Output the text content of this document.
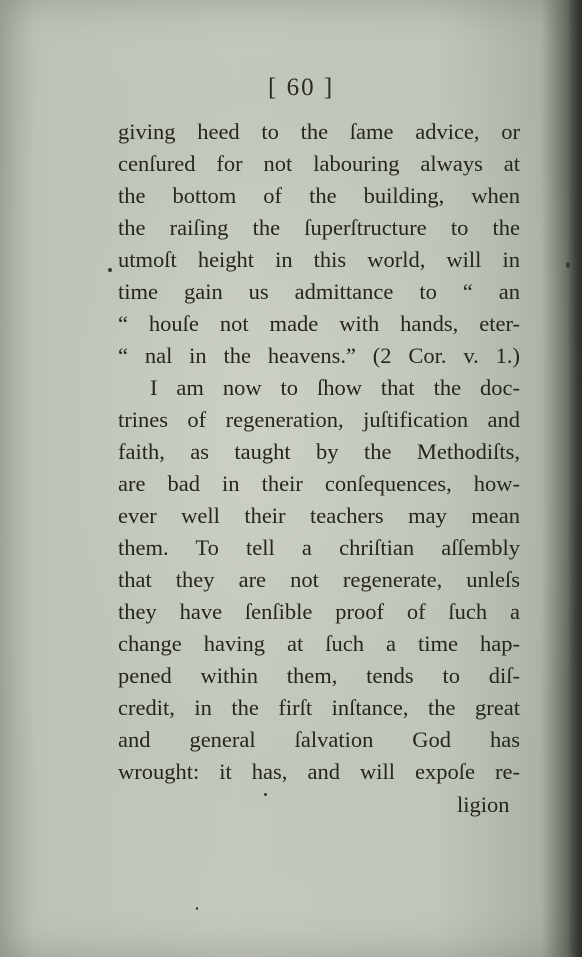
[ 60 ]
giving heed to the ſame advice, or
cenſured for not labouring always at
the bottom of the building, when
the raiſing the ſuperſtructure to the
utmoſt height in this world, will in
time gain us admittance to “ an
“ houſe not made with hands, eter-
“ nal in the heavens.” (2 Cor. v. 1.)
I am now to ſhow that the doc-
trines of regeneration, juſtification and
faith, as taught by the Methodiſts,
are bad in their conſequences, how-
ever well their teachers may mean
them. To tell a chriſtian aſſembly
that they are not regenerate, unleſs
they have ſenſible proof of ſuch a
change having at ſuch a time hap-
pened within them, tends to diſ-
credit, in the firſt inſtance, the great
and general ſalvation God has
wrought: it has, and will expoſe re-
ligion
